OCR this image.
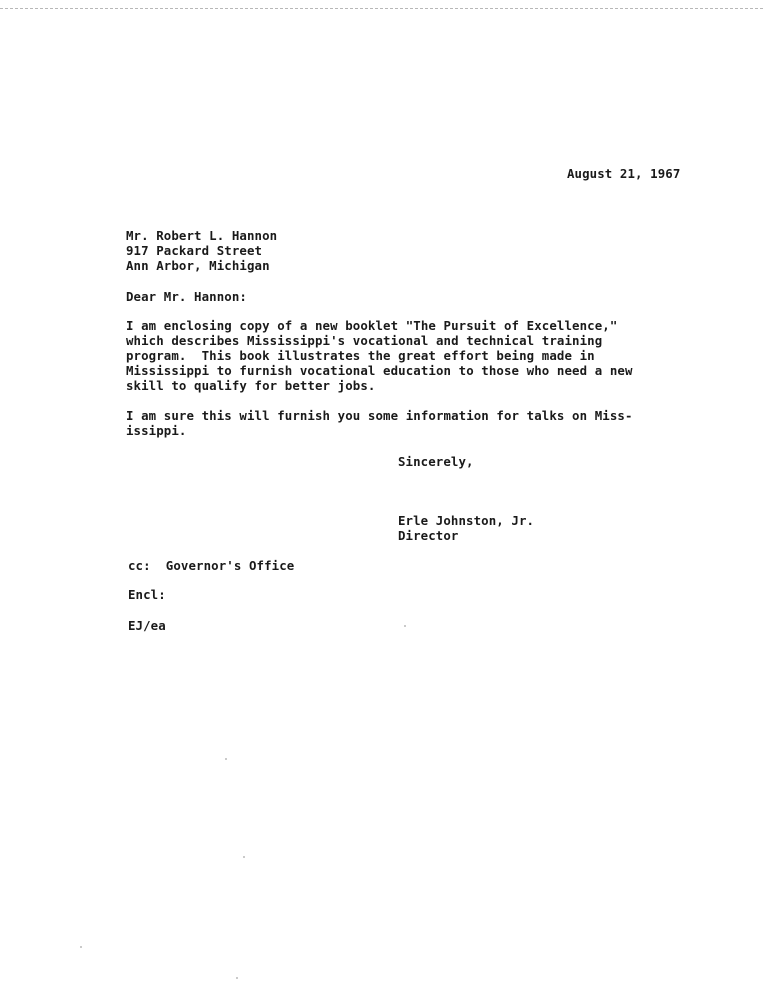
August 21, 1967

Mr. Robert L. Hannon

917 Packard Street

Ann Arbor, Michigan

Dear Mr. Hannon:

I am enclosing copy of a new booklet "The Pursuit of Excellence,"

which describes Mississippi's vocational and technical training

program.  This book illustrates the great effort being made in

Mississippi to furnish vocational education to those who need a new

skill to qualify for better jobs.

I am sure this will furnish you some information for talks on Miss-

issippi.

Sincerely,

Erle Johnston, Jr.

Director

cc:  Governor's Office

Encl:

EJ/ea
